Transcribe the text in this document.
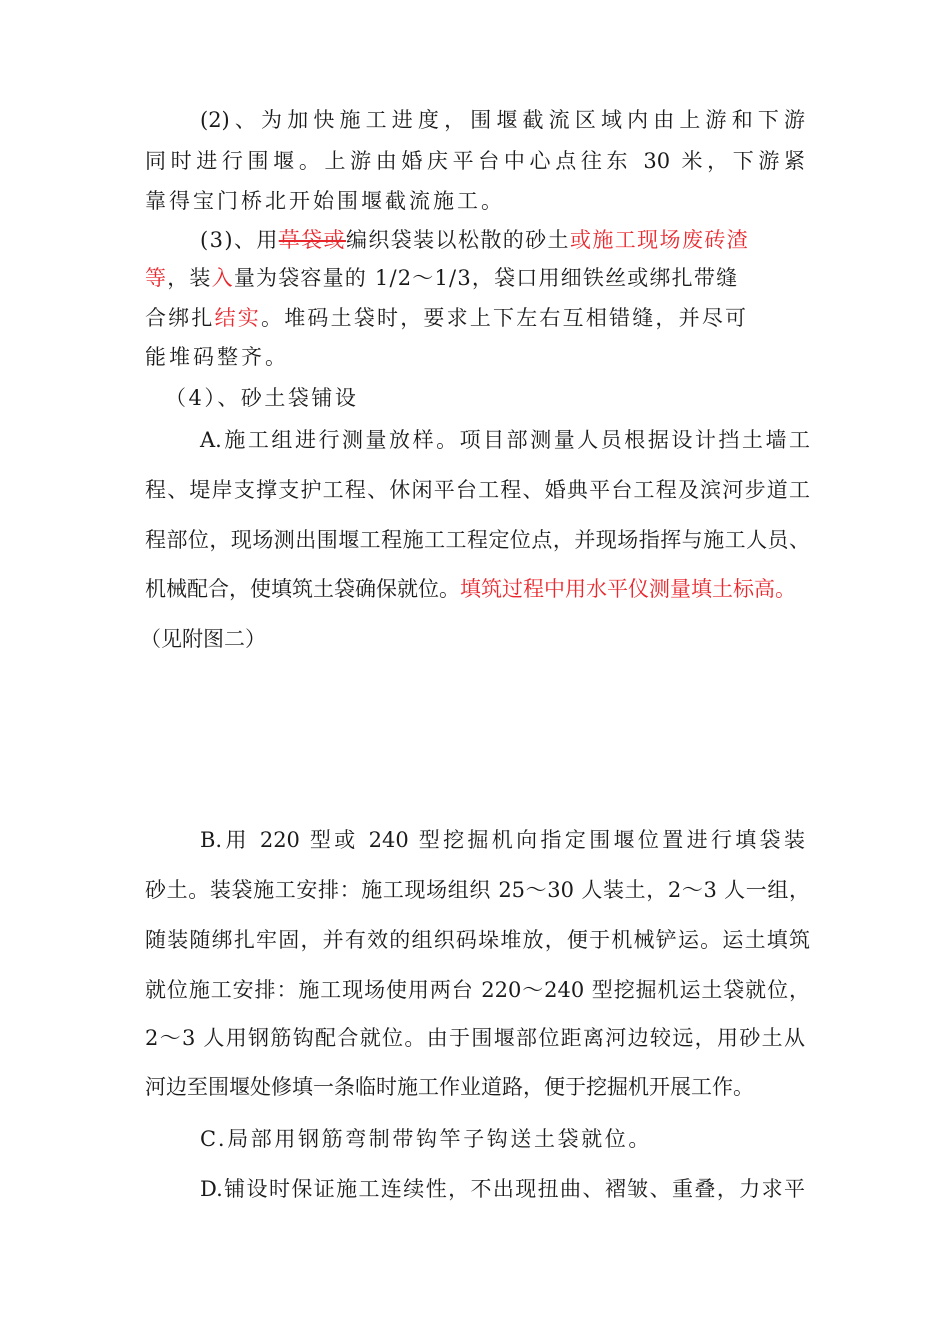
(2)、为加快施工进度，围堰截流区域内由上游和下游
同时进行围堰。上游由婚庆平台中心点往东 30 米，下游紧
靠得宝门桥北开始围堰截流施工。
(3)、用草袋或编织袋装以松散的砂土或施工现场废砖渣
等，装入量为袋容量的 1/2～1/3，袋口用细铁丝或绑扎带缝
合绑扎结实。堆码土袋时，要求上下左右互相错缝，并尽可
能堆码整齐。
（4）、砂土袋铺设
A.施工组进行测量放样。项目部测量人员根据设计挡土墙工
程、堤岸支撑支护工程、休闲平台工程、婚典平台工程及滨河步道工
程部位，现场测出围堰工程施工工程定位点，并现场指挥与施工人员、
机械配合，使填筑土袋确保就位。填筑过程中用水平仪测量填土标高。
（见附图二）
B.用 220 型或 240 型挖掘机向指定围堰位置进行填袋装
砂土。装袋施工安排：施工现场组织 25～30 人装土，2～3 人一组，
随装随绑扎牢固，并有效的组织码垛堆放，便于机械铲运。运土填筑
就位施工安排：施工现场使用两台 220～240 型挖掘机运土袋就位，
2～3 人用钢筋钩配合就位。由于围堰部位距离河边较远，用砂土从
河边至围堰处修填一条临时施工作业道路，便于挖掘机开展工作。
C.局部用钢筋弯制带钩竿子钩送土袋就位。
D.铺设时保证施工连续性，不出现扭曲、褶皱、重叠，力求平
